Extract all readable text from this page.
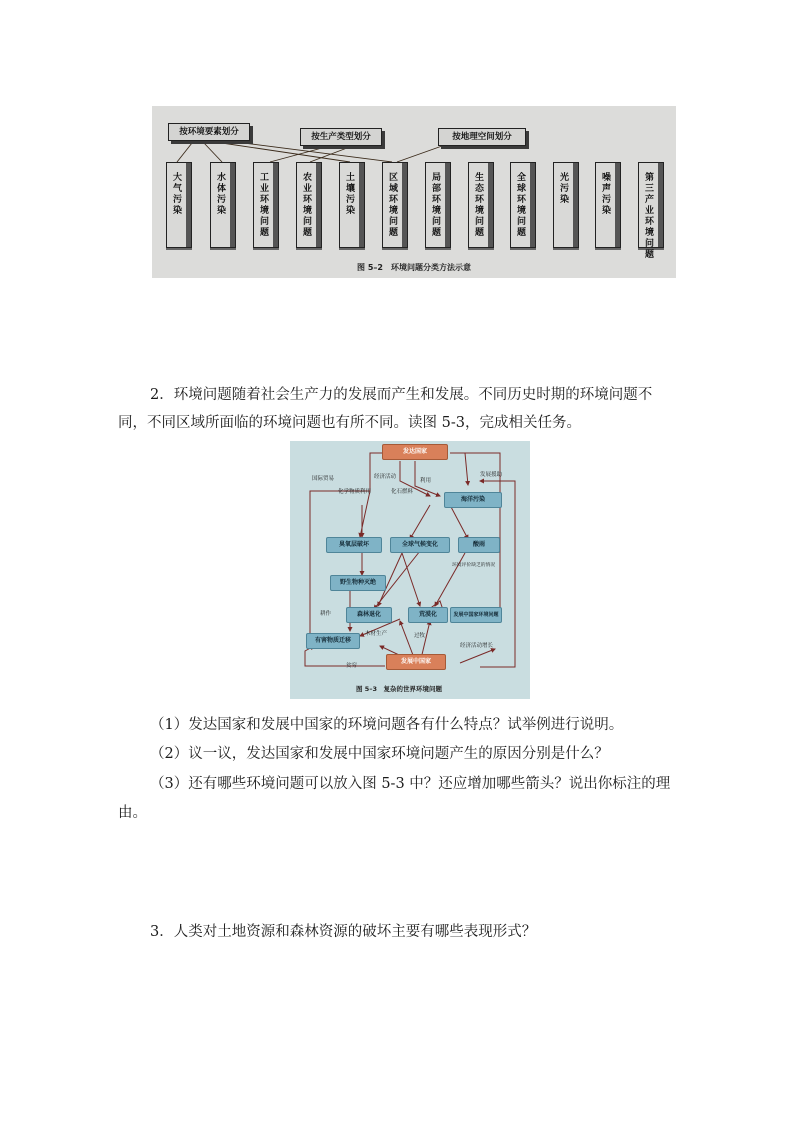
按环境要素划分	按生产类型划分	按地理空间划分
大气污染
水体污染
工业环境问题
农业环境问题
土壤污染
区域环境问题
局部环境问题
生态环境问题
全球环境问题
光污染
噪声污染
第三产业环境问题
图 5–2　环境问题分类方法示意
2．环境问题随着社会生产力的发展而产生和发展。不同历史时期的环境问题不同，不同区域所面临的环境问题也有所不同。读图 5-3，完成相关任务。
发达国家
海洋污染
臭氧层破坏	全球气候变化	酸雨
野生物种灭绝
森林退化	荒漠化	发展中国家环境问题
有害物质迁移
发展中国家
国际贸易	经济活动
利用
发展援助
化学物质利用	化石燃料
环境评价缺乏的情况
耕作
木材生产	过牧
贫穷
经济活动增长
图 5–3　复杂的世界环境问题
（1）发达国家和发展中国家的环境问题各有什么特点？试举例进行说明。
（2）议一议，发达国家和发展中国家环境问题产生的原因分别是什么？
（3）还有哪些环境问题可以放入图 5-3 中？还应增加哪些箭头？说出你标注的理由。
3．人类对土地资源和森林资源的破坏主要有哪些表现形式？
